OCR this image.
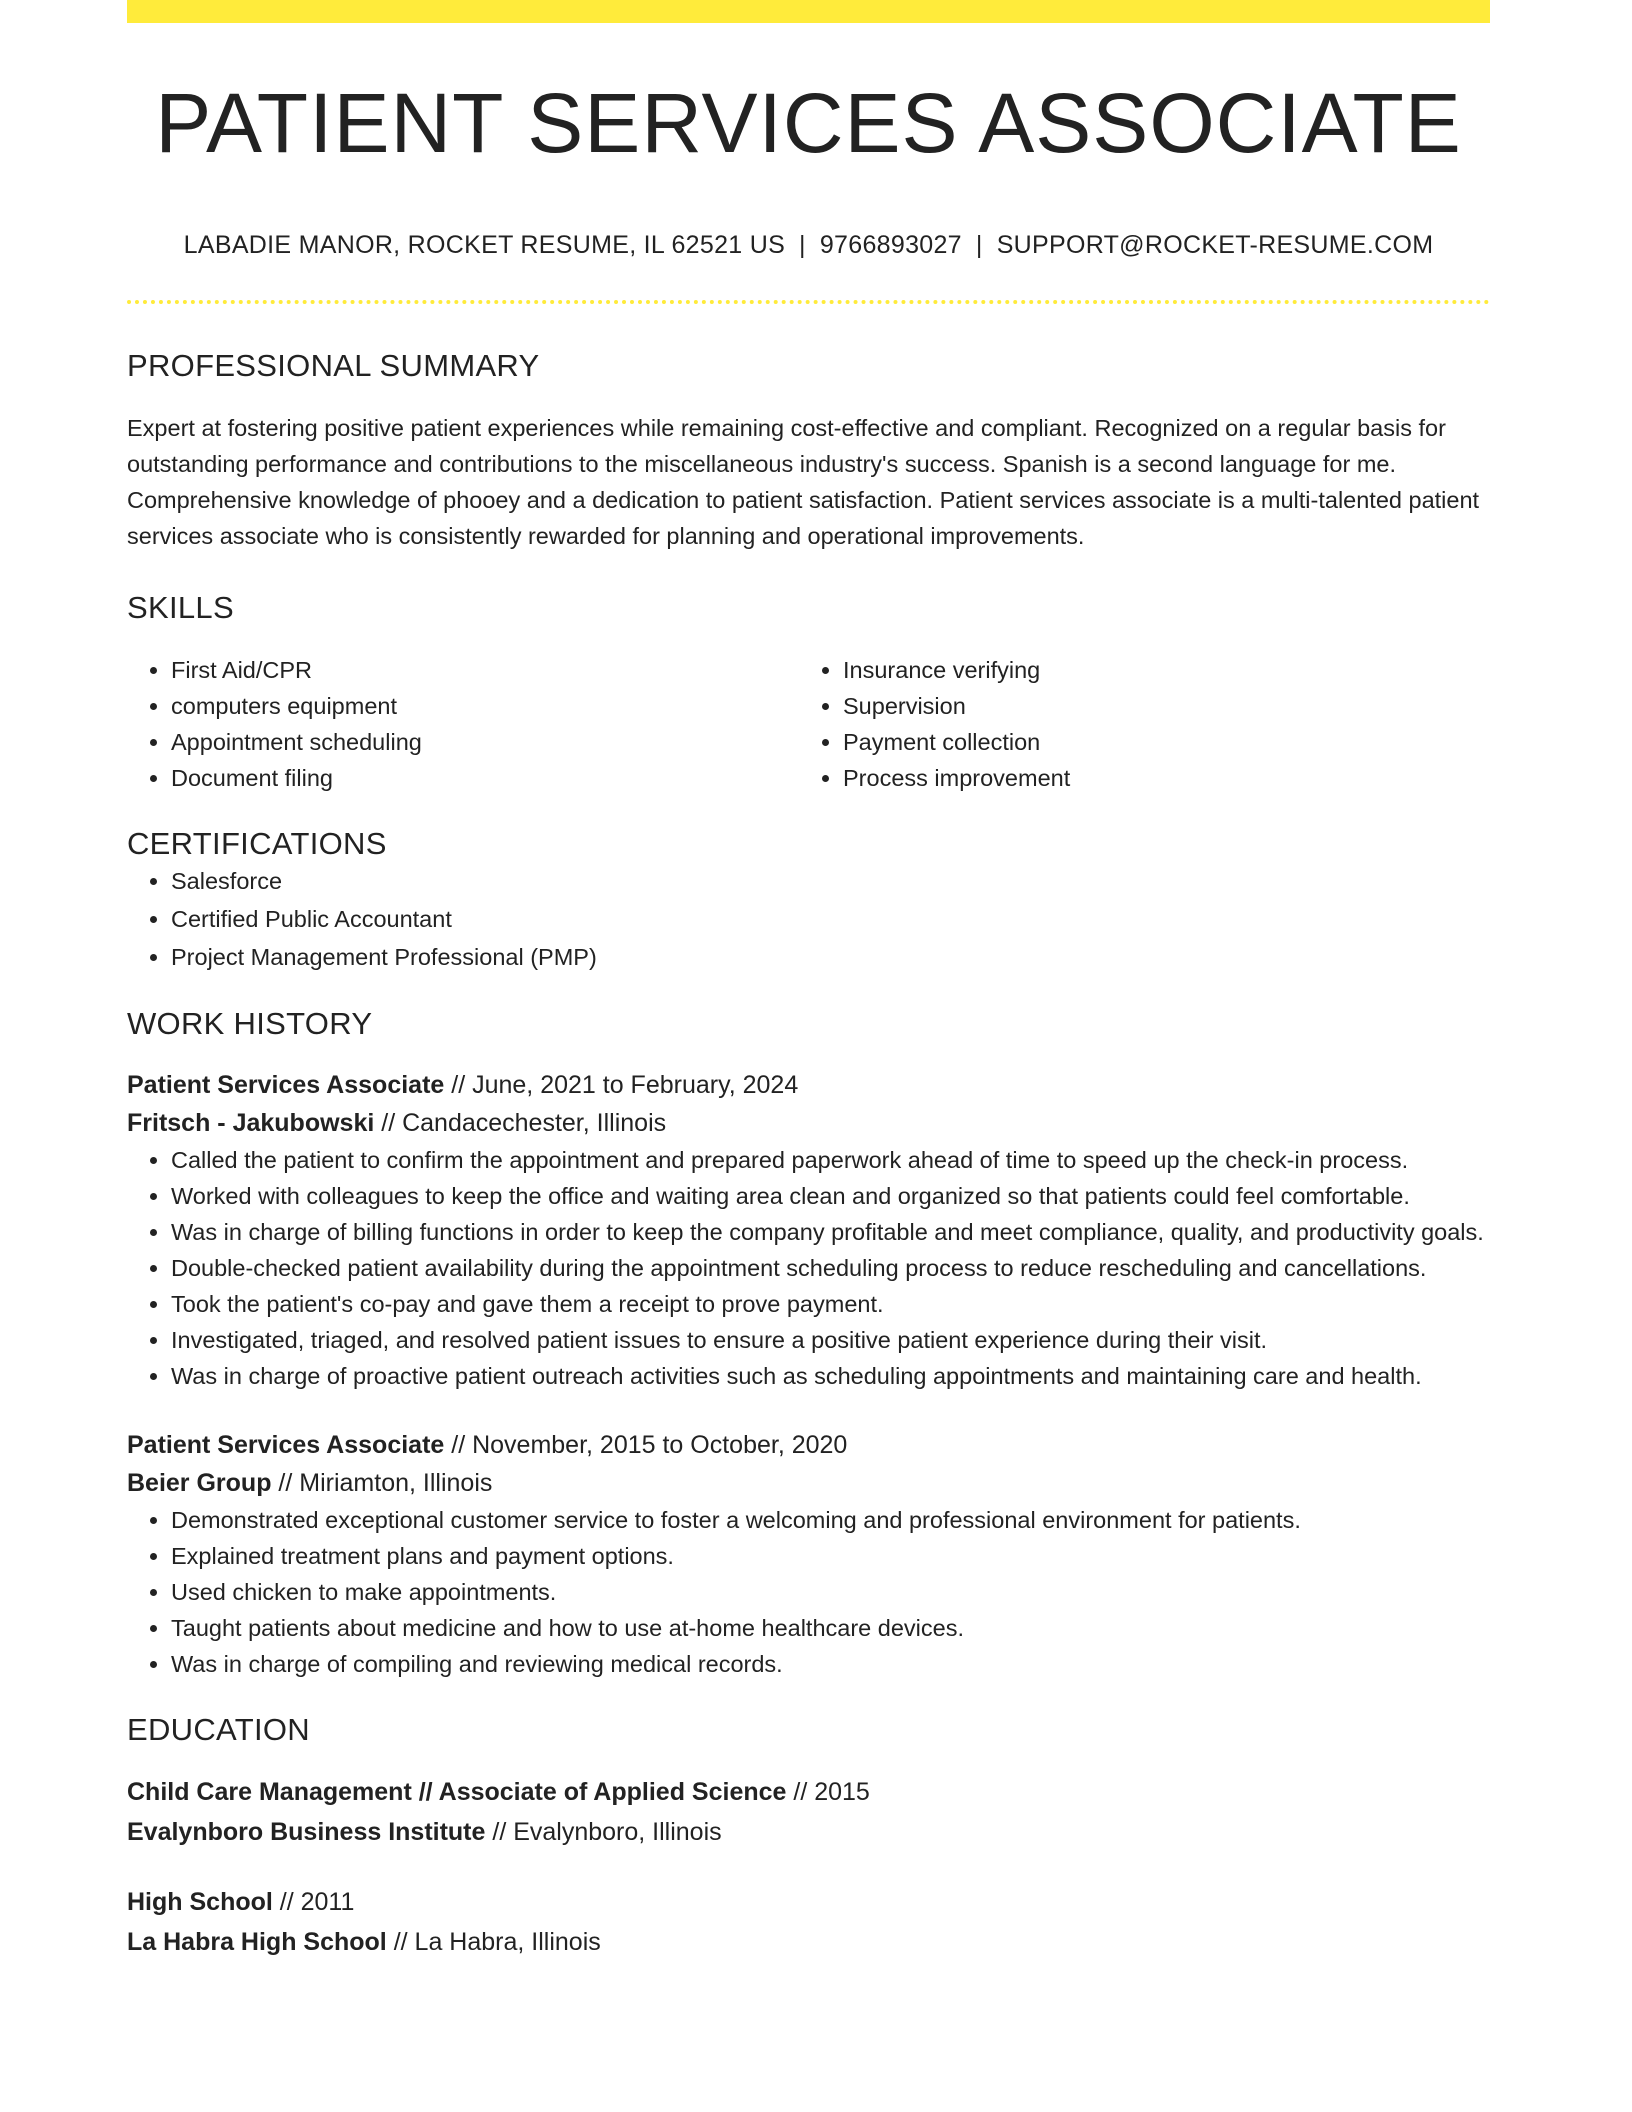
PATIENT SERVICES ASSOCIATE
LABADIE MANOR, ROCKET RESUME, IL 62521 US | 9766893027 | SUPPORT@ROCKET-RESUME.COM
PROFESSIONAL SUMMARY

Expert at fostering positive patient experiences while remaining cost-effective and compliant. Recognized on a regular basis for outstanding performance and contributions to the miscellaneous industry's success. Spanish is a second language for me. Comprehensive knowledge of phooey and a dedication to patient satisfaction. Patient services associate is a multi-talented patient services associate who is consistently rewarded for planning and operational improvements.

SKILLS
• First Aid/CPR
• computers equipment
• Appointment scheduling
• Document filing
• Insurance verifying
• Supervision
• Payment collection
• Process improvement
CERTIFICATIONS
• Salesforce
• Certified Public Accountant
• Project Management Professional (PMP)
WORK HISTORY
Patient Services Associate // June, 2021 to February, 2024
Fritsch - Jakubowski // Candacechester, Illinois
• Called the patient to confirm the appointment and prepared paperwork ahead of time to speed up the check-in process.
• Worked with colleagues to keep the office and waiting area clean and organized so that patients could feel comfortable.
• Was in charge of billing functions in order to keep the company profitable and meet compliance, quality, and productivity goals.
• Double-checked patient availability during the appointment scheduling process to reduce rescheduling and cancellations.
• Took the patient's co-pay and gave them a receipt to prove payment.
• Investigated, triaged, and resolved patient issues to ensure a positive patient experience during their visit.
• Was in charge of proactive patient outreach activities such as scheduling appointments and maintaining care and health.
Patient Services Associate // November, 2015 to October, 2020
Beier Group // Miriamton, Illinois
• Demonstrated exceptional customer service to foster a welcoming and professional environment for patients.
• Explained treatment plans and payment options.
• Used chicken to make appointments.
• Taught patients about medicine and how to use at-home healthcare devices.
• Was in charge of compiling and reviewing medical records.
EDUCATION
Child Care Management // Associate of Applied Science // 2015
Evalynboro Business Institute // Evalynboro, Illinois
High School // 2011
La Habra High School // La Habra, Illinois
